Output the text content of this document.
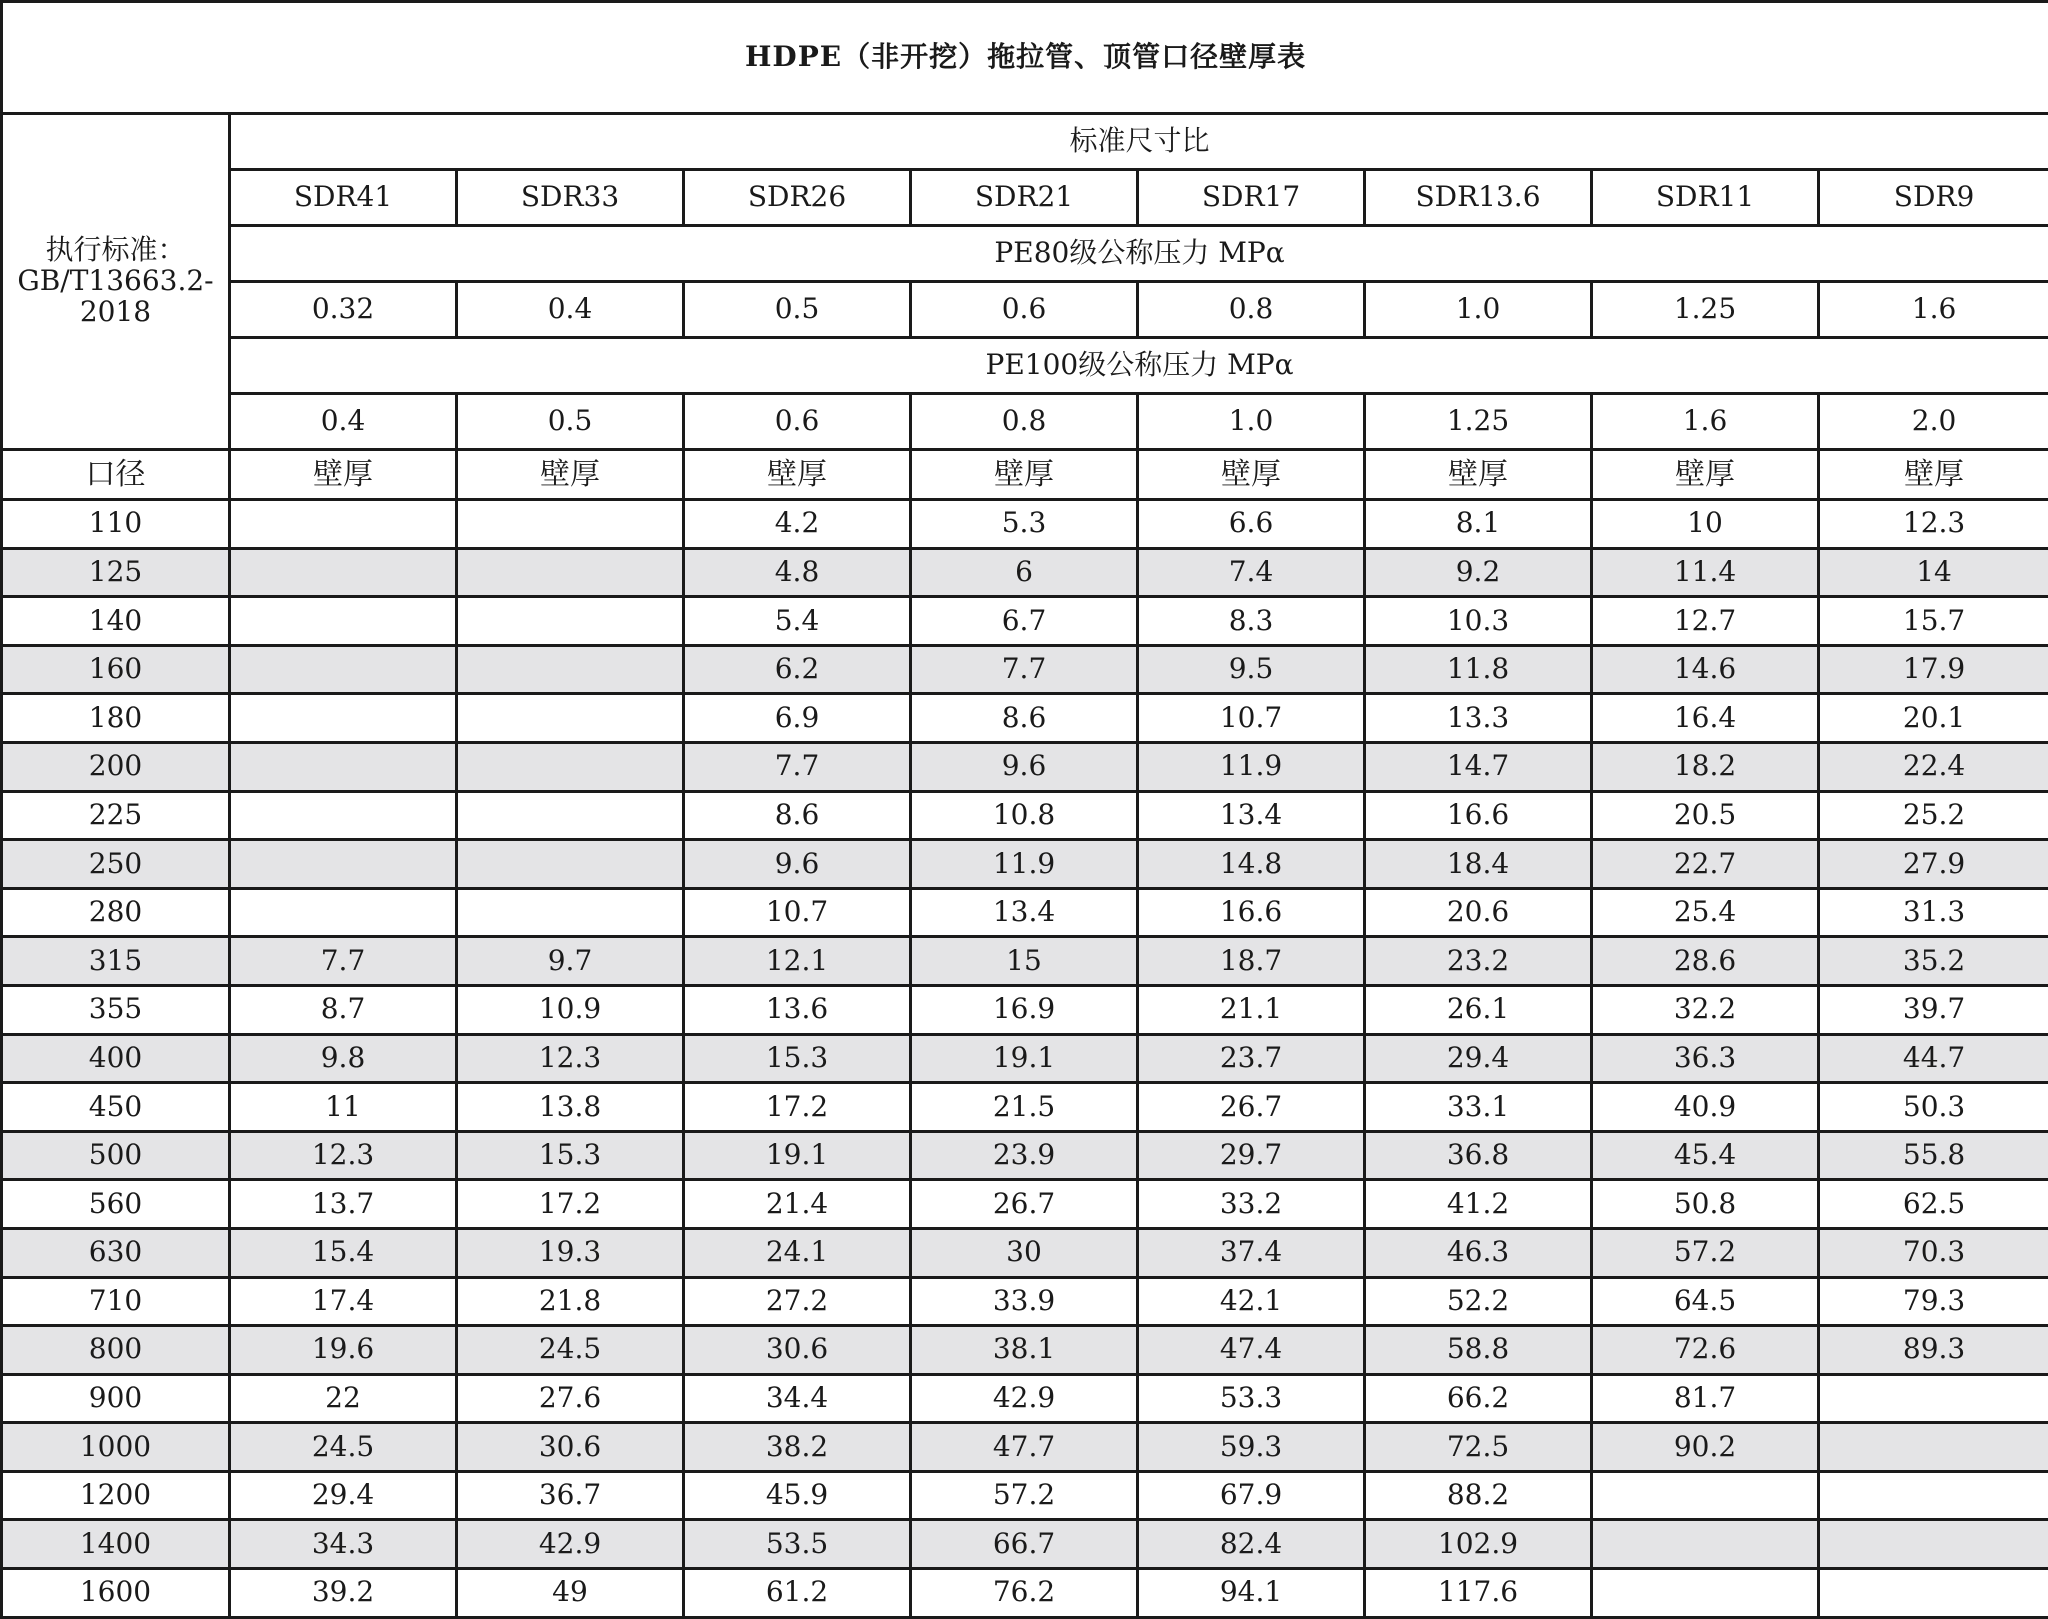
HDPE（非开挖）拖拉管、顶管口径壁厚表								
执行标准：
GB/T13663.2-
2018	标准尺寸比							
	SDR41	SDR33	SDR26	SDR21	SDR17	SDR13.6	SDR11	SDR9
	PE80级公称压力 MPα							
	0.32	0.4	0.5	0.6	0.8	1.0	1.25	1.6
	PE100级公称压力 MPα							
	0.4	0.5	0.6	0.8	1.0	1.25	1.6	2.0
口径	壁厚	壁厚	壁厚	壁厚	壁厚	壁厚	壁厚	壁厚
110			4.2	5.3	6.6	8.1	10	12.3
125			4.8	6	7.4	9.2	11.4	14
140			5.4	6.7	8.3	10.3	12.7	15.7
160			6.2	7.7	9.5	11.8	14.6	17.9
180			6.9	8.6	10.7	13.3	16.4	20.1
200			7.7	9.6	11.9	14.7	18.2	22.4
225			8.6	10.8	13.4	16.6	20.5	25.2
250			9.6	11.9	14.8	18.4	22.7	27.9
280			10.7	13.4	16.6	20.6	25.4	31.3
315	7.7	9.7	12.1	15	18.7	23.2	28.6	35.2
355	8.7	10.9	13.6	16.9	21.1	26.1	32.2	39.7
400	9.8	12.3	15.3	19.1	23.7	29.4	36.3	44.7
450	11	13.8	17.2	21.5	26.7	33.1	40.9	50.3
500	12.3	15.3	19.1	23.9	29.7	36.8	45.4	55.8
560	13.7	17.2	21.4	26.7	33.2	41.2	50.8	62.5
630	15.4	19.3	24.1	30	37.4	46.3	57.2	70.3
710	17.4	21.8	27.2	33.9	42.1	52.2	64.5	79.3
800	19.6	24.5	30.6	38.1	47.4	58.8	72.6	89.3
900	22	27.6	34.4	42.9	53.3	66.2	81.7	
1000	24.5	30.6	38.2	47.7	59.3	72.5	90.2	
1200	29.4	36.7	45.9	57.2	67.9	88.2		
1400	34.3	42.9	53.5	66.7	82.4	102.9		
1600	39.2	49	61.2	76.2	94.1	117.6		
